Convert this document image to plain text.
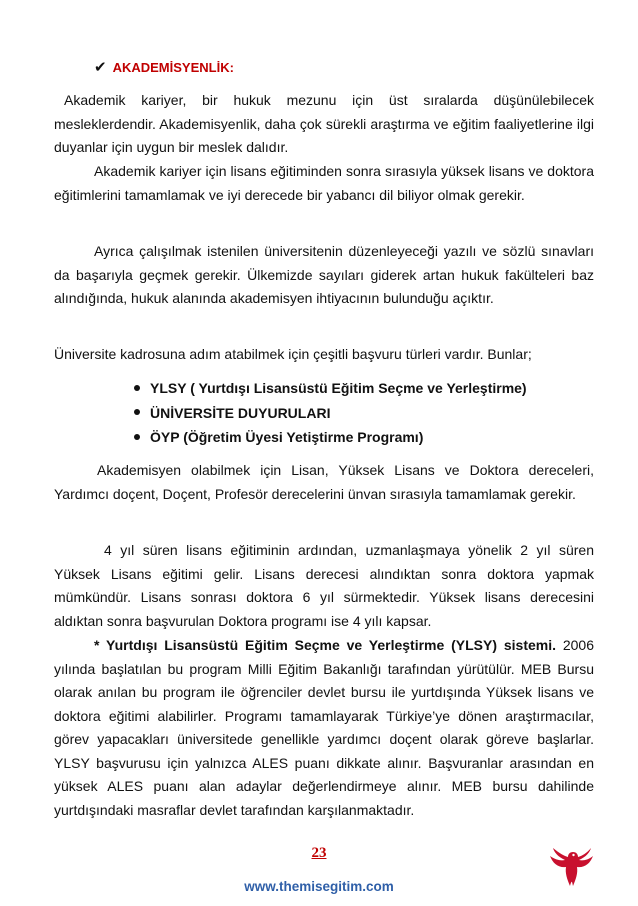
✔ AKADEMİSYENLİK:

Akademik kariyer, bir hukuk mezunu için üst sıralarda düşünülebilecek mesleklerdendir. Akademisyenlik, daha çok sürekli araştırma ve eğitim faaliyetlerine ilgi duyanlar için uygun bir meslek dalıdır.

Akademik kariyer için lisans eğitiminden sonra sırasıyla yüksek lisans ve doktora eğitimlerini tamamlamak ve iyi derecede bir yabancı dil biliyor olmak gerekir.

Ayrıca çalışılmak istenilen üniversitenin düzenleyeceği yazılı ve sözlü sınavları da başarıyla geçmek gerekir. Ülkemizde sayıları giderek artan hukuk fakülteleri baz alındığında, hukuk alanında akademisyen ihtiyacının bulunduğu açıktır.

Üniversite kadrosuna adım atabilmek için çeşitli başvuru türleri vardır. Bunlar;

YLSY ( Yurtdışı Lisansüstü Eğitim Seçme ve Yerleştirme)
ÜNİVERSİTE DUYURULARI
ÖYP (Öğretim Üyesi Yetiştirme Programı)

Akademisyen olabilmek için Lisan, Yüksek Lisans ve Doktora dereceleri, Yardımcı doçent, Doçent, Profesör derecelerini ünvan sırasıyla tamamlamak gerekir.

4 yıl süren lisans eğitiminin ardından, uzmanlaşmaya yönelik 2 yıl süren Yüksek Lisans eğitimi gelir. Lisans derecesi alındıktan sonra doktora yapmak mümkündür. Lisans sonrası doktora 6 yıl sürmektedir. Yüksek lisans derecesini aldıktan sonra başvurulan Doktora programı ise 4 yılı kapsar.

* Yurtdışı Lisansüstü Eğitim Seçme ve Yerleştirme (YLSY) sistemi. 2006 yılında başlatılan bu program Milli Eğitim Bakanlığı tarafından yürütülür. MEB Bursu olarak anılan bu program ile öğrenciler devlet bursu ile yurtdışında Yüksek lisans ve doktora eğitimi alabilirler. Programı tamamlayarak Türkiye’ye dönen araştırmacılar, görev yapacakları üniversitede genellikle yardımcı doçent olarak göreve başlarlar. YLSY başvurusu için yalnızca ALES puanı dikkate alınır. Başvuranlar arasından en yüksek ALES puanı alan adaylar değerlendirmeye alınır. MEB bursu dahilinde yurtdışındaki masraflar devlet tarafından karşılanmaktadır.

23
www.themisegitim.com
